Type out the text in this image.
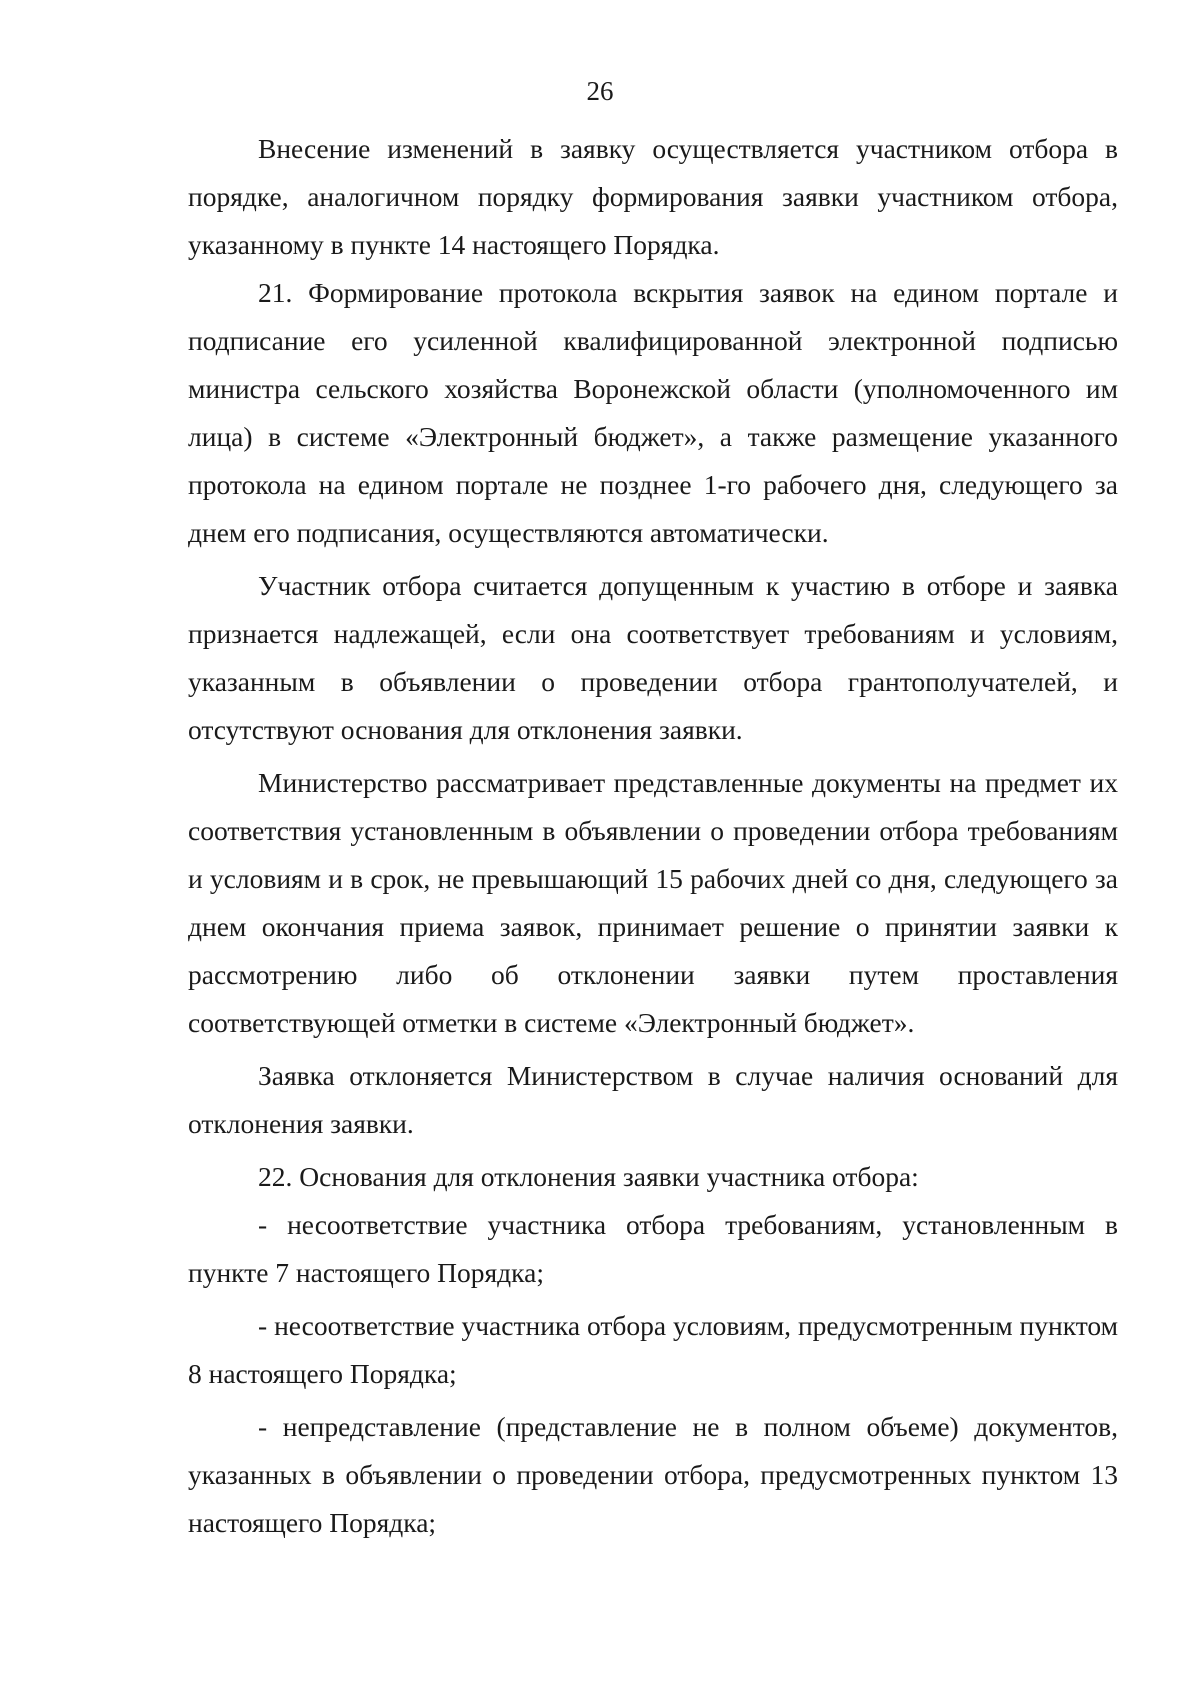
26

Внесение изменений в заявку осуществляется участником отбора в порядке, аналогичном порядку формирования заявки участником отбора, указанному в пункте 14 настоящего Порядка.

21. Формирование протокола вскрытия заявок на едином портале и подписание его усиленной квалифицированной электронной подписью министра сельского хозяйства Воронежской области (уполномоченного им лица) в системе «Электронный бюджет», а также размещение указанного протокола на едином портале не позднее 1-го рабочего дня, следующего за днем его подписания, осуществляются автоматически.

Участник отбора считается допущенным к участию в отборе и заявка признается надлежащей, если она соответствует требованиям и условиям, указанным в объявлении о проведении отбора грантополучателей, и отсутствуют основания для отклонения заявки.

Министерство рассматривает представленные документы на предмет их соответствия установленным в объявлении о проведении отбора требованиям и условиям и в срок, не превышающий 15 рабочих дней со дня, следующего за днем окончания приема заявок, принимает решение о принятии заявки к рассмотрению либо об отклонении заявки путем проставления соответствующей отметки в системе «Электронный бюджет».

Заявка отклоняется Министерством в случае наличия оснований для отклонения заявки.

22. Основания для отклонения заявки участника отбора:

- несоответствие участника отбора требованиям, установленным в пункте 7 настоящего Порядка;

- несоответствие участника отбора условиям, предусмотренным пунктом 8 настоящего Порядка;

- непредставление (представление не в полном объеме) документов, указанных в объявлении о проведении отбора, предусмотренных пунктом 13 настоящего Порядка;
